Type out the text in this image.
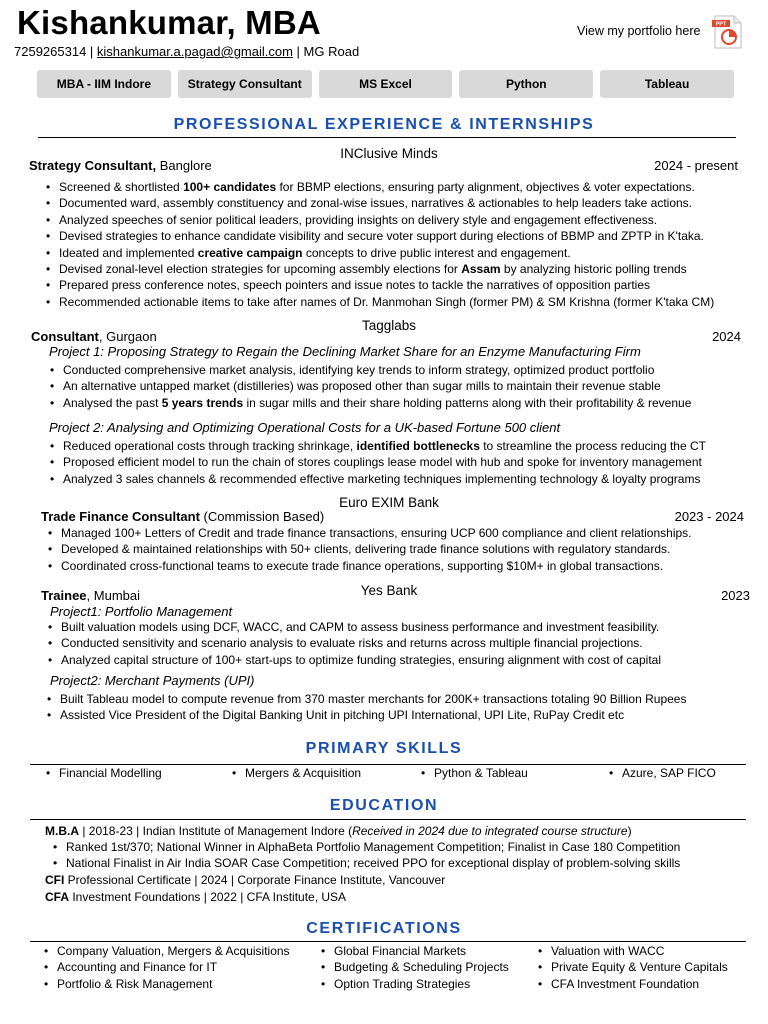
Kishankumar, MBA
7259265314 | kishankumar.a.pagad@gmail.com | MG Road
View my portfolio here	PPT
MBA - IIM Indore	Strategy Consultant	MS Excel	Python	Tableau
PROFESSIONAL EXPERIENCE & INTERNSHIPS
INClusive Minds
Strategy Consultant, Banglore	2024 - present
• Screened & shortlisted 100+ candidates for BBMP elections, ensuring party alignment, objectives & voter expectations.
• Documented ward, assembly constituency and zonal-wise issues, narratives & actionables to help leaders take actions.
• Analyzed speeches of senior political leaders, providing insights on delivery style and engagement effectiveness.
• Devised strategies to enhance candidate visibility and secure voter support during elections of BBMP and ZPTP in K'taka.
• Ideated and implemented creative campaign concepts to drive public interest and engagement.
• Devised zonal-level election strategies for upcoming assembly elections for Assam by analyzing historic polling trends
• Prepared press conference notes, speech pointers and issue notes to tackle the narratives of opposition parties
• Recommended actionable items to take after names of Dr. Manmohan Singh (former PM) & SM Krishna (former K'taka CM)
Tagglabs
Consultant, Gurgaon	2024
Project 1: Proposing Strategy to Regain the Declining Market Share for an Enzyme Manufacturing Firm
• Conducted comprehensive market analysis, identifying key trends to inform strategy, optimized product portfolio
• An alternative untapped market (distilleries) was proposed other than sugar mills to maintain their revenue stable
• Analysed the past 5 years trends in sugar mills and their share holding patterns along with their profitability & revenue
Project 2: Analysing and Optimizing Operational Costs for a UK-based Fortune 500 client
• Reduced operational costs through tracking shrinkage, identified bottlenecks to streamline the process reducing the CT
• Proposed efficient model to run the chain of stores couplings lease model with hub and spoke for inventory management
• Analyzed 3 sales channels & recommended effective marketing techniques implementing technology & loyalty programs
Euro EXIM Bank
Trade Finance Consultant (Commission Based)	2023 - 2024
• Managed 100+ Letters of Credit and trade finance transactions, ensuring UCP 600 compliance and client relationships.
• Developed & maintained relationships with 50+ clients, delivering trade finance solutions with regulatory standards.
• Coordinated cross-functional teams to execute trade finance operations, supporting $10M+ in global transactions.
Yes Bank
Trainee, Mumbai	2023
Project1: Portfolio Management
• Built valuation models using DCF, WACC, and CAPM to assess business performance and investment feasibility.
• Conducted sensitivity and scenario analysis to evaluate risks and returns across multiple financial projections.
• Analyzed capital structure of 100+ start-ups to optimize funding strategies, ensuring alignment with cost of capital
Project2: Merchant Payments (UPI)
• Built Tableau model to compute revenue from 370 master merchants for 200K+ transactions totaling 90 Billion Rupees
• Assisted Vice President of the Digital Banking Unit in pitching UPI International, UPI Lite, RuPay Credit etc
PRIMARY SKILLS
• Financial Modelling	• Mergers & Acquisition	• Python & Tableau	• Azure, SAP FICO
EDUCATION
M.B.A | 2018-23 | Indian Institute of Management Indore (Received in 2024 due to integrated course structure)
• Ranked 1st/370; National Winner in AlphaBeta Portfolio Management Competition; Finalist in Case 180 Competition
• National Finalist in Air India SOAR Case Competition; received PPO for exceptional display of problem-solving skills
CFI Professional Certificate | 2024 | Corporate Finance Institute, Vancouver
CFA Investment Foundations | 2022 | CFA Institute, USA
CERTIFICATIONS
• Company Valuation, Mergers & Acquisitions
• Accounting and Finance for IT
• Portfolio & Risk Management
• Global Financial Markets
• Budgeting & Scheduling Projects
• Option Trading Strategies
• Valuation with WACC
• Private Equity & Venture Capitals
• CFA Investment Foundation
